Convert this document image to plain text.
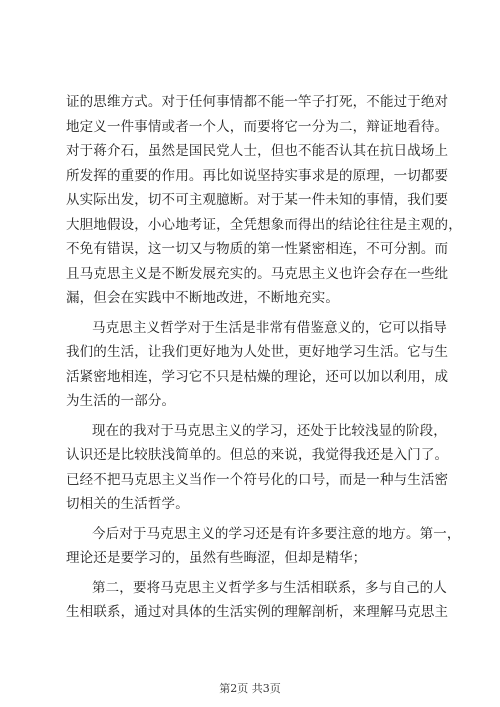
证的思维方式。对于任何事情都不能一竿子打死，不能过于绝对
地定义一件事情或者一个人，而要将它一分为二，辩证地看待。
对于蒋介石，虽然是国民党人士，但也不能否认其在抗日战场上
所发挥的重要的作用。再比如说坚持实事求是的原理，一切都要
从实际出发，切不可主观臆断。对于某一件未知的事情，我们要
大胆地假设，小心地考证，全凭想象而得出的结论往往是主观的，
不免有错误，这一切又与物质的第一性紧密相连，不可分割。而
且马克思主义是不断发展充实的。马克思主义也许会存在一些纰
漏，但会在实践中不断地改进，不断地充实。
马克思主义哲学对于生活是非常有借鉴意义的，它可以指导
我们的生活，让我们更好地为人处世，更好地学习生活。它与生
活紧密地相连，学习它不只是枯燥的理论，还可以加以利用，成
为生活的一部分。
现在的我对于马克思主义的学习，还处于比较浅显的阶段，
认识还是比较肤浅简单的。但总的来说，我觉得我还是入门了。
已经不把马克思主义当作一个符号化的口号，而是一种与生活密
切相关的生活哲学。
今后对于马克思主义的学习还是有许多要注意的地方。第一，
理论还是要学习的，虽然有些晦涩，但却是精华；
第二，要将马克思主义哲学多与生活相联系，多与自己的人
生相联系，通过对具体的生活实例的理解剖析，来理解马克思主
第2页 共3页
